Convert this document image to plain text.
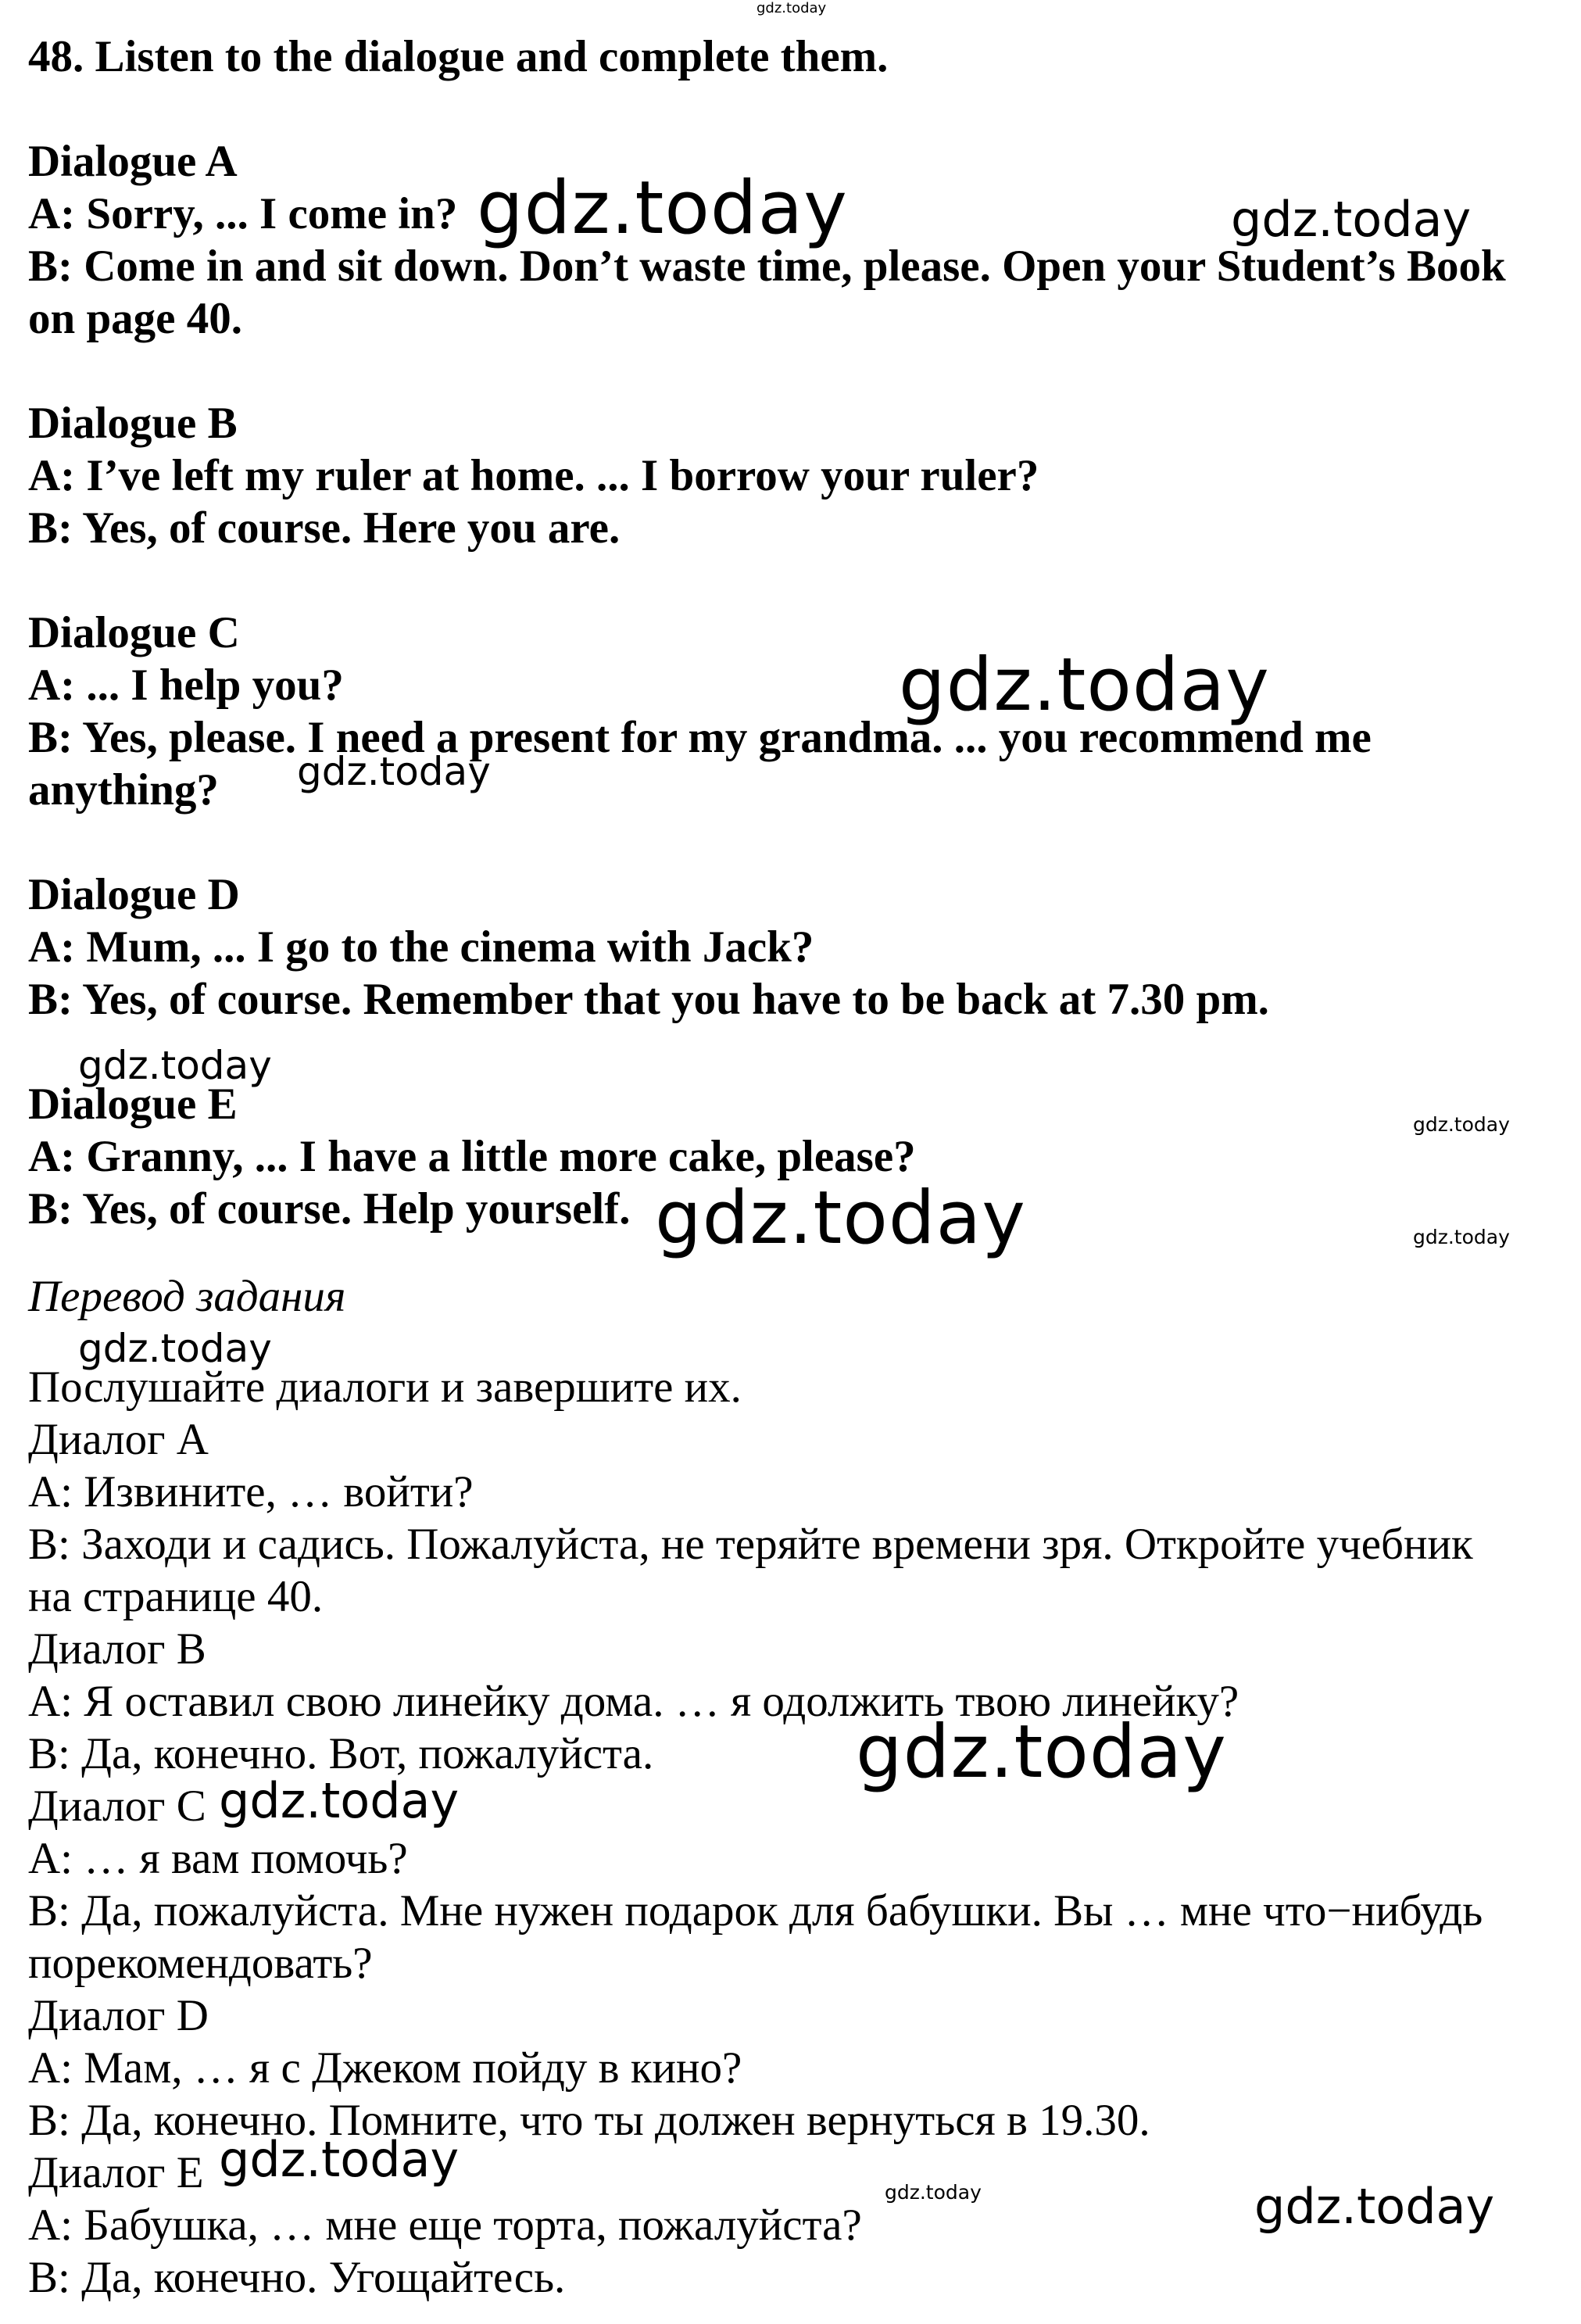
48. Listen to the dialogue and complete them.
Dialogue A
A: Sorry, ... I come in?
B: Come in and sit down. Don’t waste time, please. Open your Student’s Book
on page 40.
Dialogue B
A: I’ve left my ruler at home. ... I borrow your ruler?
B: Yes, of course. Here you are.
Dialogue C
A: ... I help you?
B: Yes, please. I need a present for my grandma. ... you recommend me
anything?
Dialogue D
A: Mum, ... I go to the cinema with Jack?
B: Yes, of course. Remember that you have to be back at 7.30 pm.
Dialogue E
A: Granny, ... I have a little more cake, please?
B: Yes, of course. Help yourself.
Перевод задания
Послушайте диалоги и завершите их.
Диалог A
A: Извините, … войти?
B: Заходи и садись. Пожалуйста, не теряйте времени зря. Откройте учебник
на странице 40.
Диалог B
A: Я оставил свою линейку дома. … я одолжить твою линейку?
B: Да, конечно. Вот, пожалуйста.
Диалог C
A: … я вам помочь?
B: Да, пожалуйста. Мне нужен подарок для бабушки. Вы … мне что−нибудь
порекомендовать?
Диалог D
A: Мам, … я с Джеком пойду в кино?
B: Да, конечно. Помните, что ты должен вернуться в 19.30.
Диалог E
A: Бабушка, … мне еще торта, пожалуйста?
B: Да, конечно. Угощайтесь.
gdz.today
gdz.today	gdz.today
gdz.today
gdz.today
gdz.today
gdz.today
gdz.today	gdz.today
gdz.today
gdz.today
gdz.today
gdz.today
gdz.today	gdz.today
